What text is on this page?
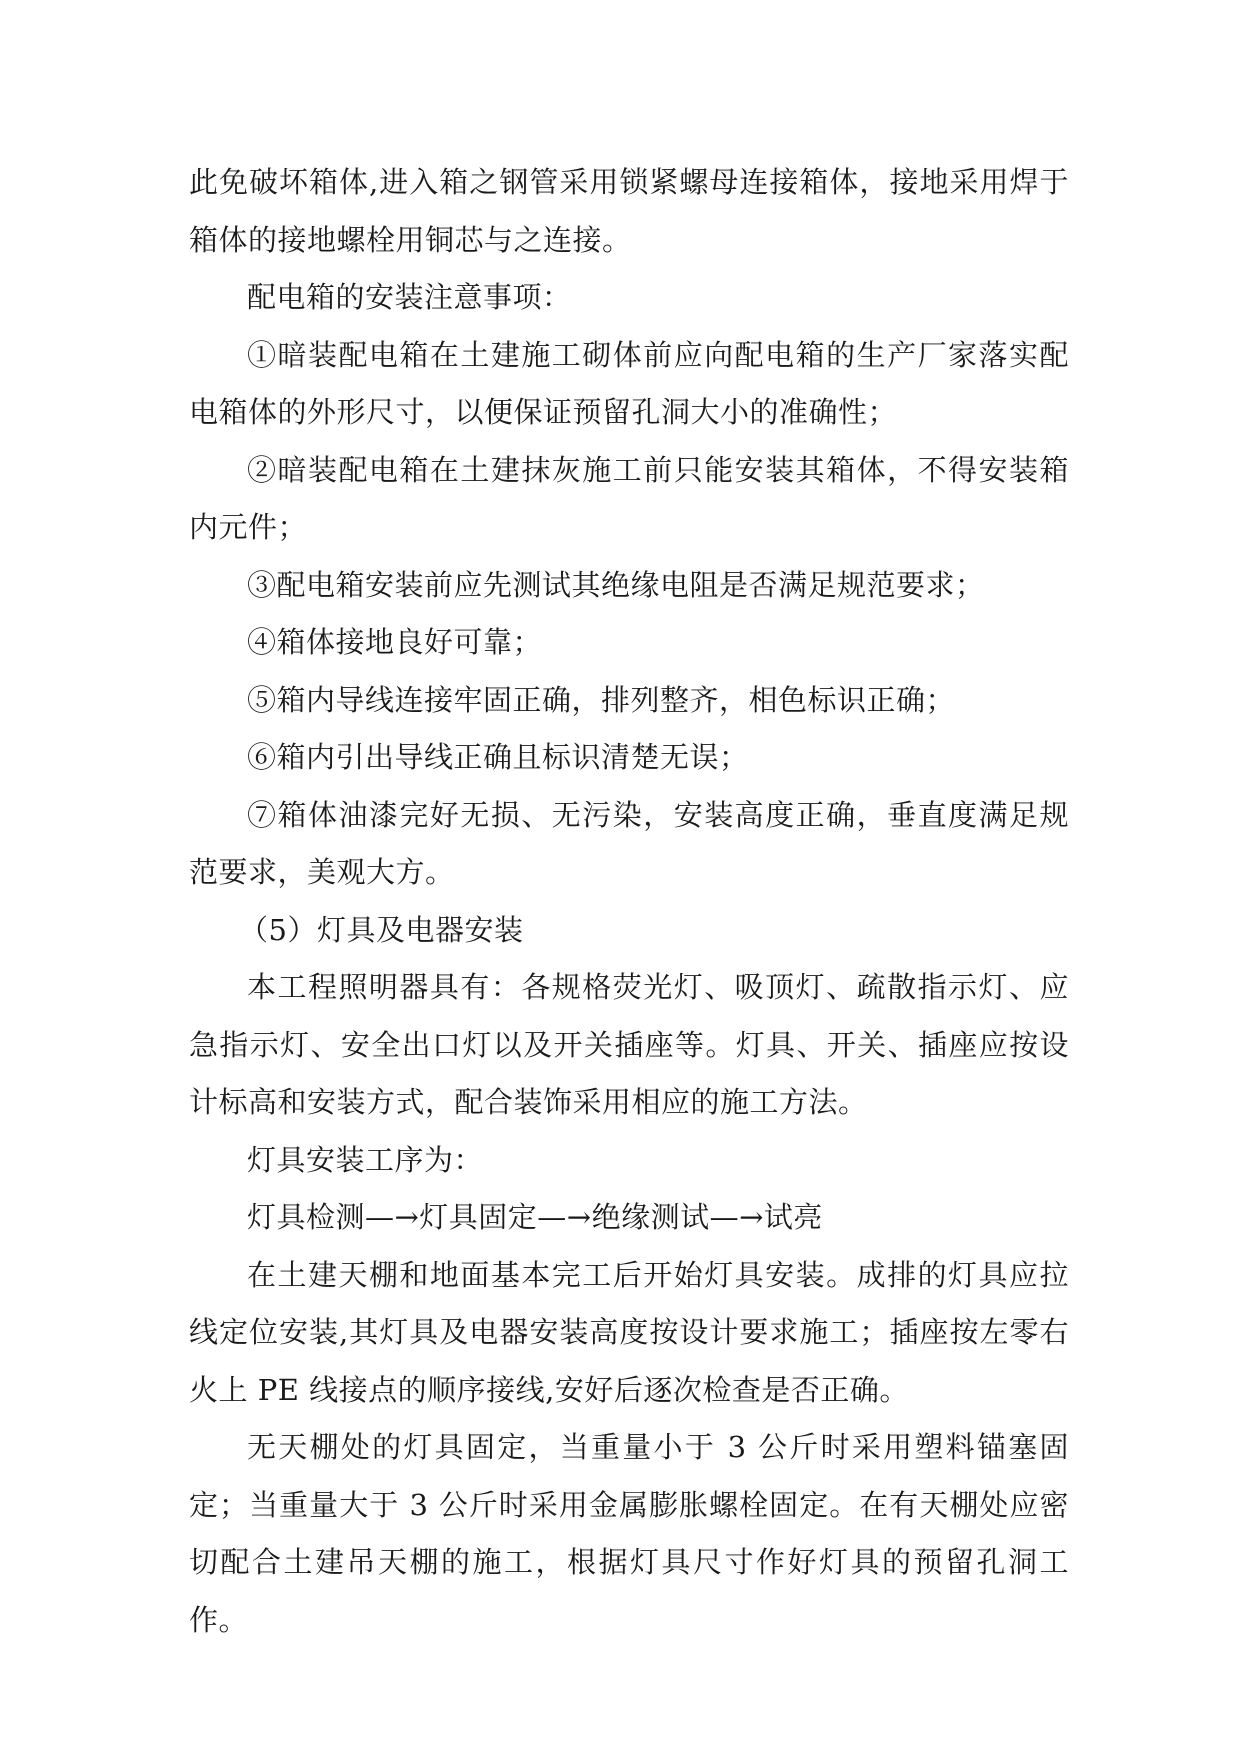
此免破坏箱体,进入箱之钢管采用锁紧螺母连接箱体，接地采用焊于箱体的接地螺栓用铜芯与之连接。

配电箱的安装注意事项：

①暗装配电箱在土建施工砌体前应向配电箱的生产厂家落实配电箱体的外形尺寸，以便保证预留孔洞大小的准确性；

②暗装配电箱在土建抹灰施工前只能安装其箱体，不得安装箱内元件；

③配电箱安装前应先测试其绝缘电阻是否满足规范要求；

④箱体接地良好可靠；

⑤箱内导线连接牢固正确，排列整齐，相色标识正确；

⑥箱内引出导线正确且标识清楚无误；

⑦箱体油漆完好无损、无污染，安装高度正确，垂直度满足规范要求，美观大方。

（5）灯具及电器安装

本工程照明器具有：各规格荧光灯、吸顶灯、疏散指示灯、应急指示灯、安全出口灯以及开关插座等。灯具、开关、插座应按设计标高和安装方式，配合装饰采用相应的施工方法。

灯具安装工序为：

灯具检测—→灯具固定—→绝缘测试—→试亮

在土建天棚和地面基本完工后开始灯具安装。成排的灯具应拉线定位安装,其灯具及电器安装高度按设计要求施工；插座按左零右火上 PE 线接点的顺序接线,安好后逐次检查是否正确。

无天棚处的灯具固定，当重量小于 3 公斤时采用塑料锚塞固定；当重量大于 3 公斤时采用金属膨胀螺栓固定。在有天棚处应密切配合土建吊天棚的施工，根据灯具尺寸作好灯具的预留孔洞工作。
